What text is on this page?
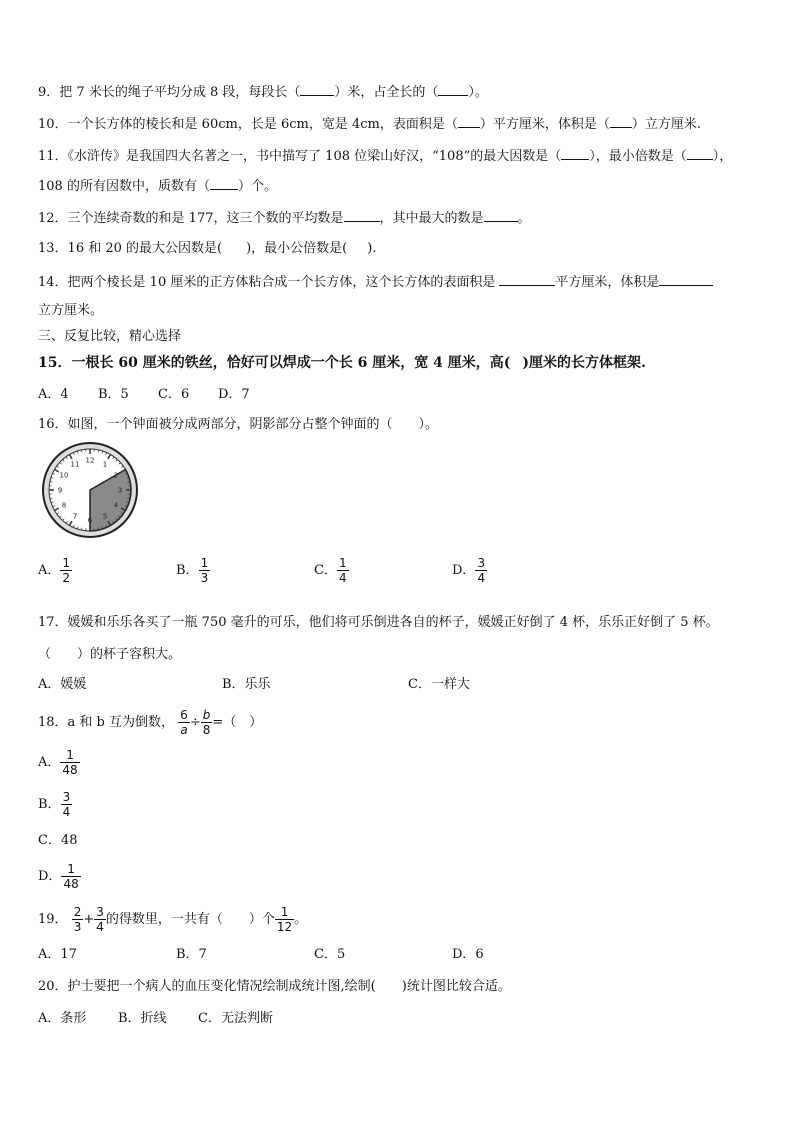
9．把 7 米长的绳子平均分成 8 段，每段长（	）米，占全长的（ ）。
10．一个长方体的棱长和是 60cm，长是 6cm，宽是 4cm，表面积是（ ）平方厘米，体积是（ ）立方厘米.
11．《水浒传》是我国四大名著之一，书中描写了 108 位梁山好汉，“108”的最大因数是（ ），最小倍数是（ ），
108 的所有因数中，质数有（ ）个。
12．三个连续奇数的和是 177，这三个数的平均数是	，其中最大的数是	。
13．16 和 20 的最大公因数是( )，最小公倍数是( ).
14．把两个棱长是 10 厘米的正方体粘合成一个长方体，这个长方体的表面积是	平方厘米，体积是
立方厘米。
三、反复比较，精心选择
15．一根长 60 厘米的铁丝，恰好可以焊成一个长 6 厘米，宽 4 厘米，高( )厘米的长方体框架.
A．4 B．5 C．6 D．7
16．如图，一个钟面被分成两部分，阴影部分占整个钟面的（　　）。
12
1
2
3
4
5
6
7
8
9
10
11
A． $\frac{1}{2}$	B． $\frac{1}{3}$	C． $\frac{1}{4}$	D． $\frac{3}{4}$
17．媛媛和乐乐各买了一瓶 750 毫升的可乐，他们将可乐倒进各自的杯子，媛媛正好倒了 4 杯，乐乐正好倒了 5 杯。
（　　）的杯子容积大。
A．媛媛	B．乐乐	C．一样大
18．a 和 b 互为倒数， $\frac{6}{a} \div \frac{b}{8}$ =（　）
A． $\frac{1}{48}$
B． $\frac{3}{4}$
C．48
D． $\frac{1}{48}$
19． $\frac{2}{3} + \frac{3}{4}$ 的得数里，一共有（　　）个 $\frac{1}{12}$ 。
A．17	B．7	C．5	D．6
20．护士要把一个病人的血压变化情况绘制成统计图,绘制(　　)统计图比较合适。
A．条形 B．折线 C．无法判断
